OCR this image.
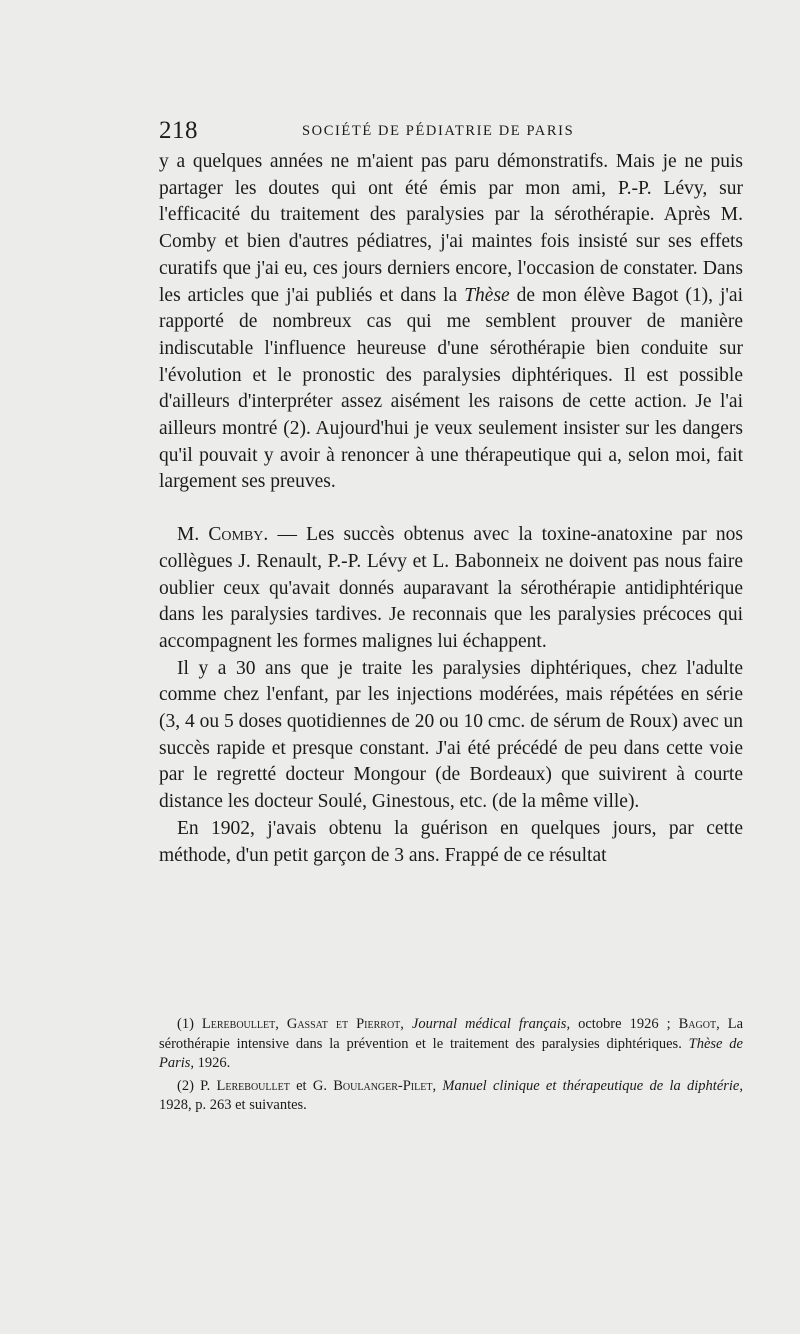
218	SOCIÉTÉ DE PÉDIATRIE DE PARIS

y a quelques années ne m'aient pas paru démonstratifs. Mais je ne puis partager les doutes qui ont été émis par mon ami, P.-P. Lévy, sur l'efficacité du traitement des paralysies par la sérothérapie. Après M. Comby et bien d'autres pédiatres, j'ai maintes fois insisté sur ses effets curatifs que j'ai eu, ces jours derniers encore, l'occasion de constater. Dans les articles que j'ai publiés et dans la Thèse de mon élève Bagot (1), j'ai rapporté de nombreux cas qui me semblent prouver de manière indiscutable l'influence heureuse d'une sérothérapie bien conduite sur l'évolution et le pronostic des paralysies diphtériques. Il est possible d'ailleurs d'interpréter assez aisément les raisons de cette action. Je l'ai ailleurs montré (2). Aujourd'hui je veux seulement insister sur les dangers qu'il pouvait y avoir à renoncer à une thérapeutique qui a, selon moi, fait largement ses preuves.

M. Comby. — Les succès obtenus avec la toxine-anatoxine par nos collègues J. Renault, P.-P. Lévy et L. Babonneix ne doivent pas nous faire oublier ceux qu'avait donnés auparavant la sérothérapie antidiphtérique dans les paralysies tardives. Je reconnais que les paralysies précoces qui accompagnent les formes malignes lui échappent.

Il y a 30 ans que je traite les paralysies diphtériques, chez l'adulte comme chez l'enfant, par les injections modérées, mais répétées en série (3, 4 ou 5 doses quotidiennes de 20 ou 10 cmc. de sérum de Roux) avec un succès rapide et presque constant. J'ai été précédé de peu dans cette voie par le regretté docteur Mongour (de Bordeaux) que suivirent à courte distance les docteur Soulé, Ginestous, etc. (de la même ville).

En 1902, j'avais obtenu la guérison en quelques jours, par cette méthode, d'un petit garçon de 3 ans. Frappé de ce résultat

(1) Lereboullet, Gassat et Pierrot, Journal médical français, octobre 1926 ; Bagot, La sérothérapie intensive dans la prévention et le traitement des paralysies diphtériques. Thèse de Paris, 1926.

(2) P. Lereboullet et G. Boulanger-Pilet, Manuel clinique et thérapeutique de la diphtérie, 1928, p. 263 et suivantes.
